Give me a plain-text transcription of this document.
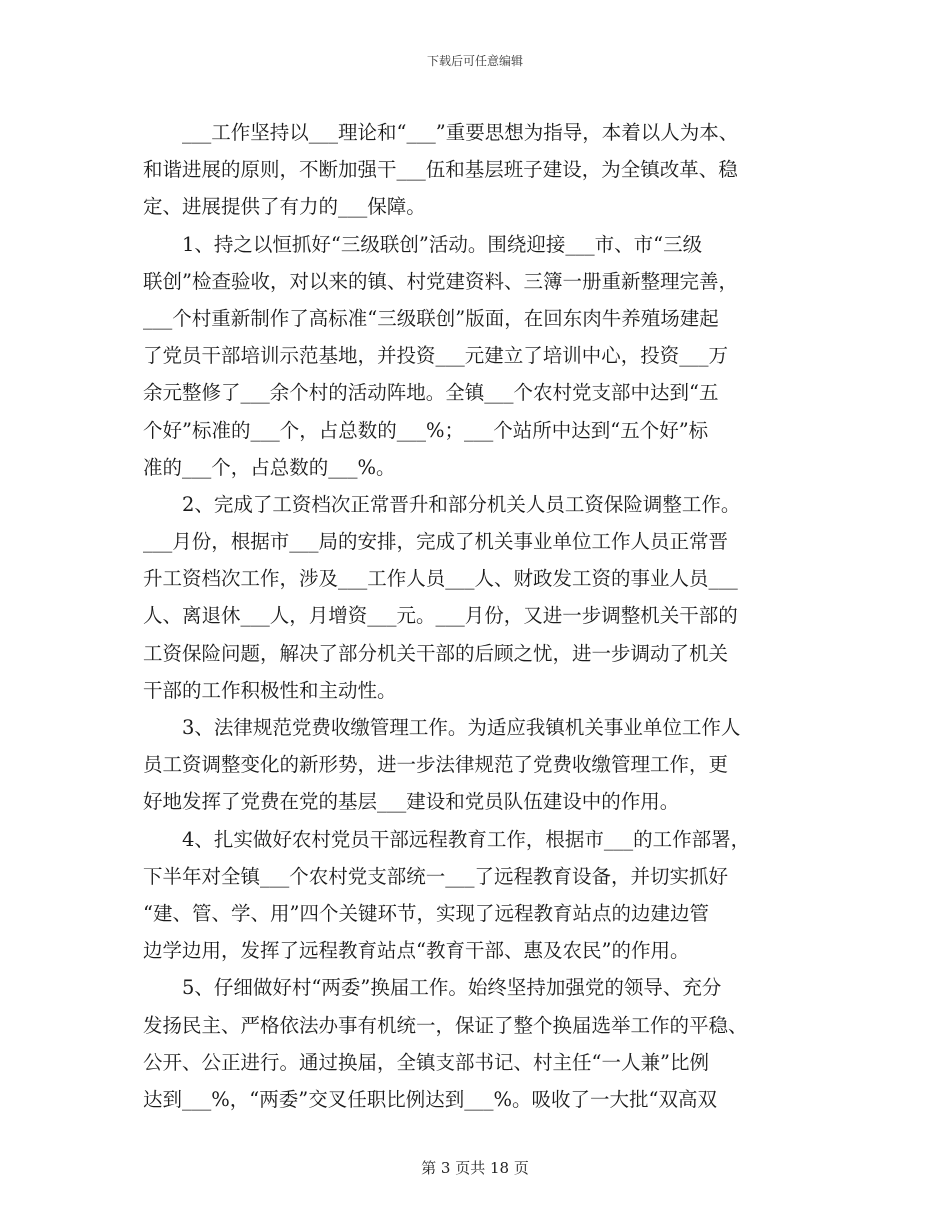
下载后可任意编辑
___工作坚持以___理论和“___”重要思想为指导，本着以人为本、
和谐进展的原则，不断加强干___伍和基层班子建设，为全镇改革、稳
定、进展提供了有力的___保障。
1、持之以恒抓好“三级联创”活动。围绕迎接___市、市“三级
联创”检查验收，对以来的镇、村党建资料、三簿一册重新整理完善，
___个村重新制作了高标准“三级联创”版面，在回东肉牛养殖场建起
了党员干部培训示范基地，并投资___元建立了培训中心，投资___万
余元整修了___余个村的活动阵地。全镇___个农村党支部中达到“五
个好”标准的___个，占总数的___%；___个站所中达到“五个好”标
准的___个，占总数的___%。
2、完成了工资档次正常晋升和部分机关人员工资保险调整工作。
___月份，根据市___局的安排，完成了机关事业单位工作人员正常晋
升工资档次工作，涉及___工作人员___人、财政发工资的事业人员___
人、离退休___人，月增资___元。___月份，又进一步调整机关干部的
工资保险问题，解决了部分机关干部的后顾之忧，进一步调动了机关
干部的工作积极性和主动性。
3、法律规范党费收缴管理工作。为适应我镇机关事业单位工作人
员工资调整变化的新形势，进一步法律规范了党费收缴管理工作，更
好地发挥了党费在党的基层___建设和党员队伍建设中的作用。
4、扎实做好农村党员干部远程教育工作，根据市___的工作部署，
下半年对全镇___个农村党支部统一___了远程教育设备，并切实抓好
“建、管、学、用”四个关键环节，实现了远程教育站点的边建边管
边学边用，发挥了远程教育站点“教育干部、惠及农民”的作用。
5、仔细做好村“两委”换届工作。始终坚持加强党的领导、充分
发扬民主、严格依法办事有机统一，保证了整个换届选举工作的平稳、
公开、公正进行。通过换届，全镇支部书记、村主任“一人兼”比例
达到___%，“两委”交叉任职比例达到___%。吸收了一大批“双高双
第 3 页共 18 页
